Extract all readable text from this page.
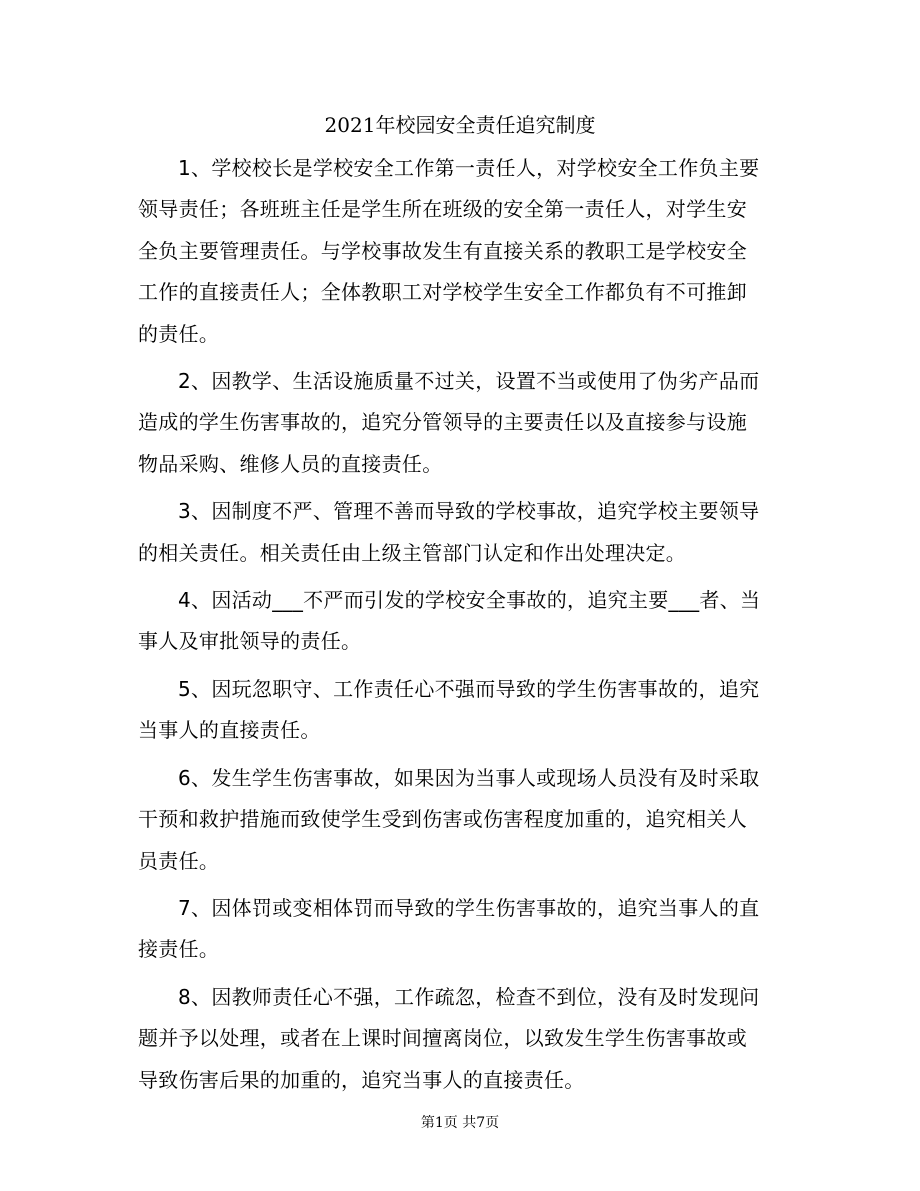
2021年校园安全责任追究制度

1、学校校长是学校安全工作第一责任人，对学校安全工作负主要
领导责任；各班班主任是学生所在班级的安全第一责任人，对学生安
全负主要管理责任。与学校事故发生有直接关系的教职工是学校安全
工作的直接责任人；全体教职工对学校学生安全工作都负有不可推卸
的责任。

2、因教学、生活设施质量不过关，设置不当或使用了伪劣产品而
造成的学生伤害事故的，追究分管领导的主要责任以及直接参与设施
物品采购、维修人员的直接责任。

3、因制度不严、管理不善而导致的学校事故，追究学校主要领导
的相关责任。相关责任由上级主管部门认定和作出处理决定。

4、因活动___不严而引发的学校安全事故的，追究主要___者、当
事人及审批领导的责任。

5、因玩忽职守、工作责任心不强而导致的学生伤害事故的，追究
当事人的直接责任。

6、发生学生伤害事故，如果因为当事人或现场人员没有及时采取
干预和救护措施而致使学生受到伤害或伤害程度加重的，追究相关人
员责任。

7、因体罚或变相体罚而导致的学生伤害事故的，追究当事人的直
接责任。

8、因教师责任心不强，工作疏忽，检查不到位，没有及时发现问
题并予以处理，或者在上课时间擅离岗位，以致发生学生伤害事故或
导致伤害后果的加重的，追究当事人的直接责任。

第1页 共7页
